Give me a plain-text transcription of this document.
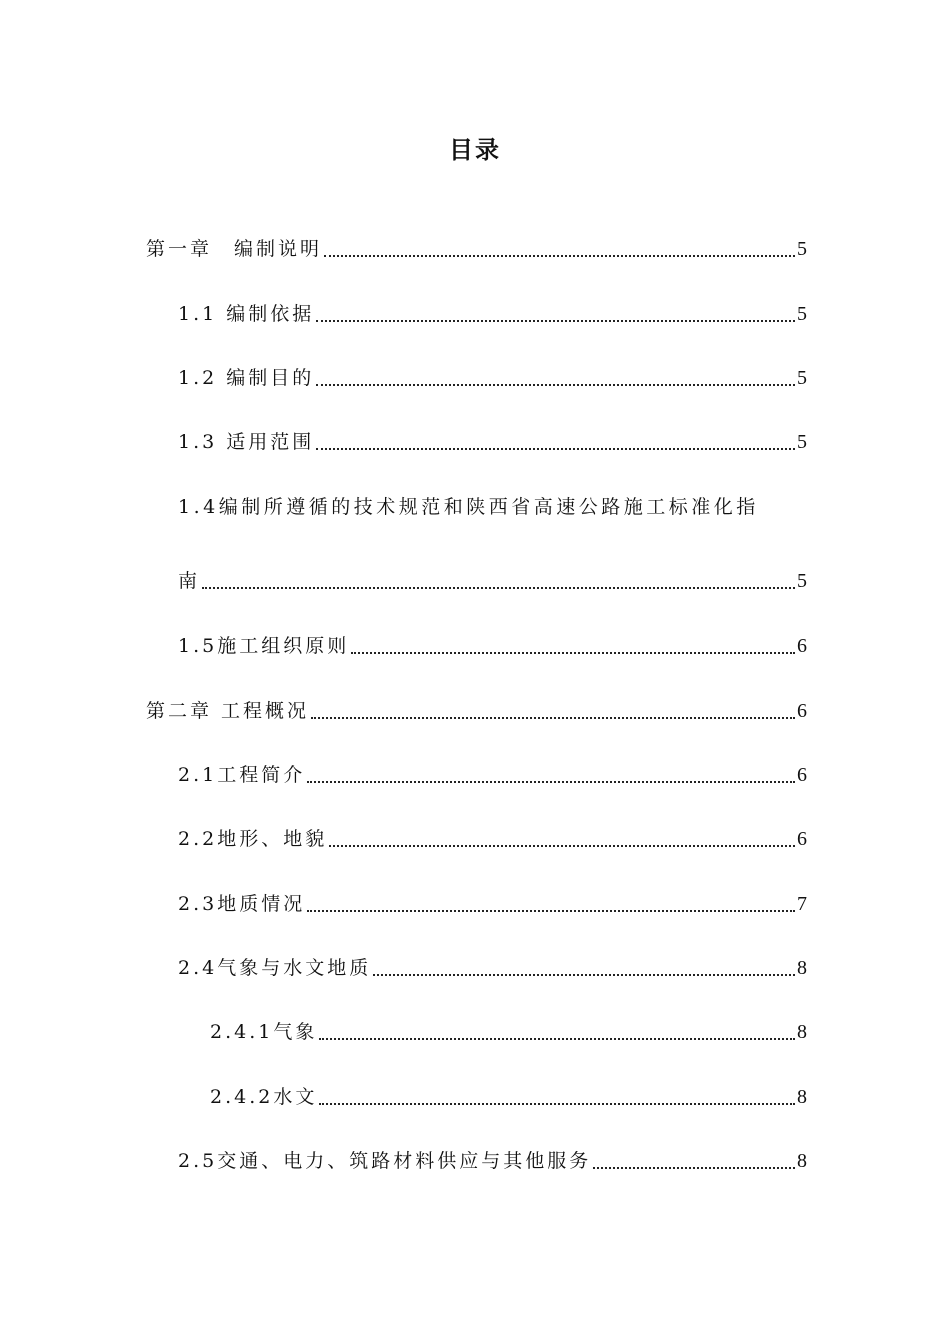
目录
第一章　编制说明	5
1.1 编制依据	5
1.2 编制目的	5
1.3 适用范围	5
1.4编制所遵循的技术规范和陕西省高速公路施工标准化指
南	5
1.5施工组织原则	6
第二章 工程概况	6
2.1工程简介	6
2.2地形、地貌	6
2.3地质情况	7
2.4气象与水文地质	8
2.4.1气象	8
2.4.2水文	8
2.5交通、电力、筑路材料供应与其他服务	8
